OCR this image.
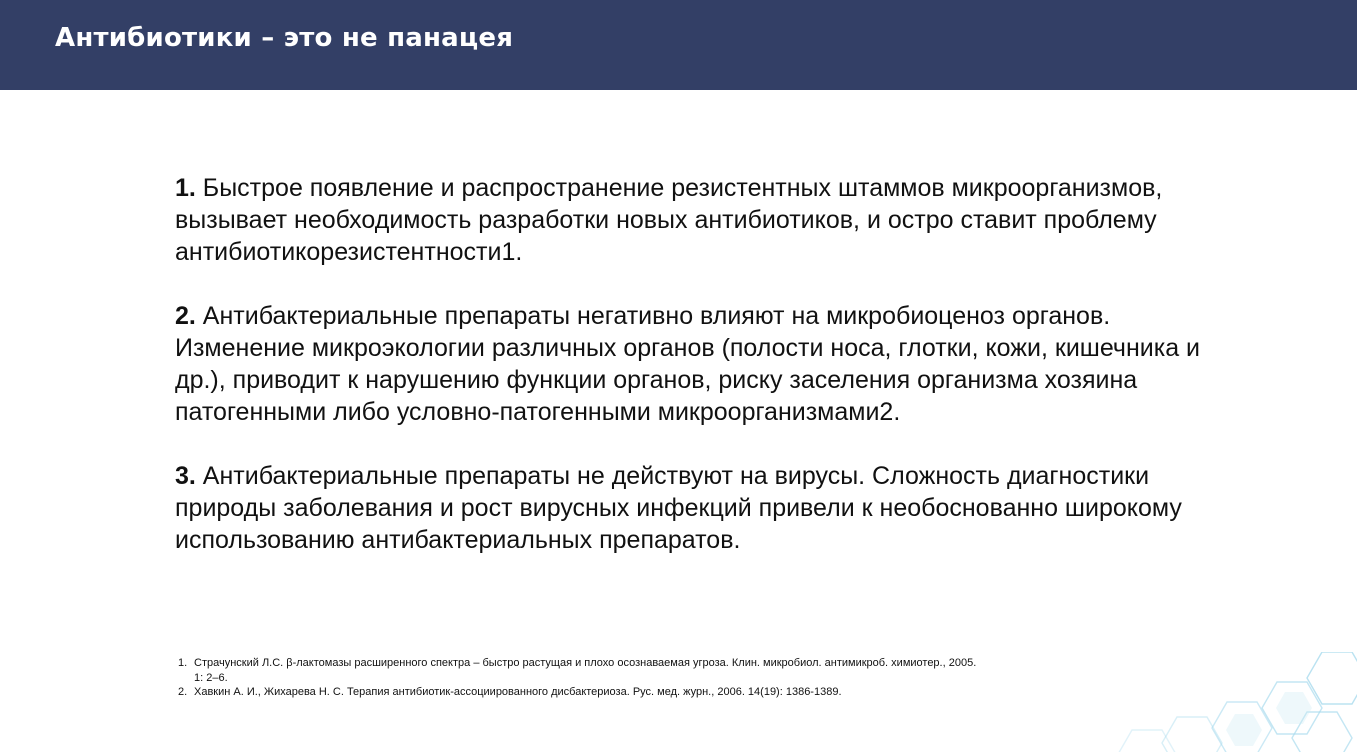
Антибиотики – это не панацея

1. Быстрое появление и распространение резистентных штаммов микроорганизмов, вызывает необходимость разработки новых антибиотиков, и остро ставит проблему антибиотикорезистентности1.

2. Антибактериальные препараты негативно влияют на микробиоценоз органов. Изменение микроэкологии различных органов (полости носа, глотки, кожи, кишечника и др.), приводит к нарушению функции органов, риску заселения организма хозяина патогенными либо условно-патогенными микроорганизмами2.

3. Антибактериальные препараты не действуют на вирусы. Сложность диагностики природы заболевания и рост вирусных инфекций привели к необоснованно широкому использованию антибактериальных препаратов.

1. Страчунский Л.С. β-лактомазы расширенного спектра – быстро растущая и плохо осознаваемая угроза. Клин. микробиол. антимикроб. химиотер., 2005. 1: 2–6.
2. Хавкин А. И., Жихарева Н. С. Терапия антибиотик-ассоциированного дисбактериоза. Рус. мед. журн., 2006. 14(19): 1386-1389.
